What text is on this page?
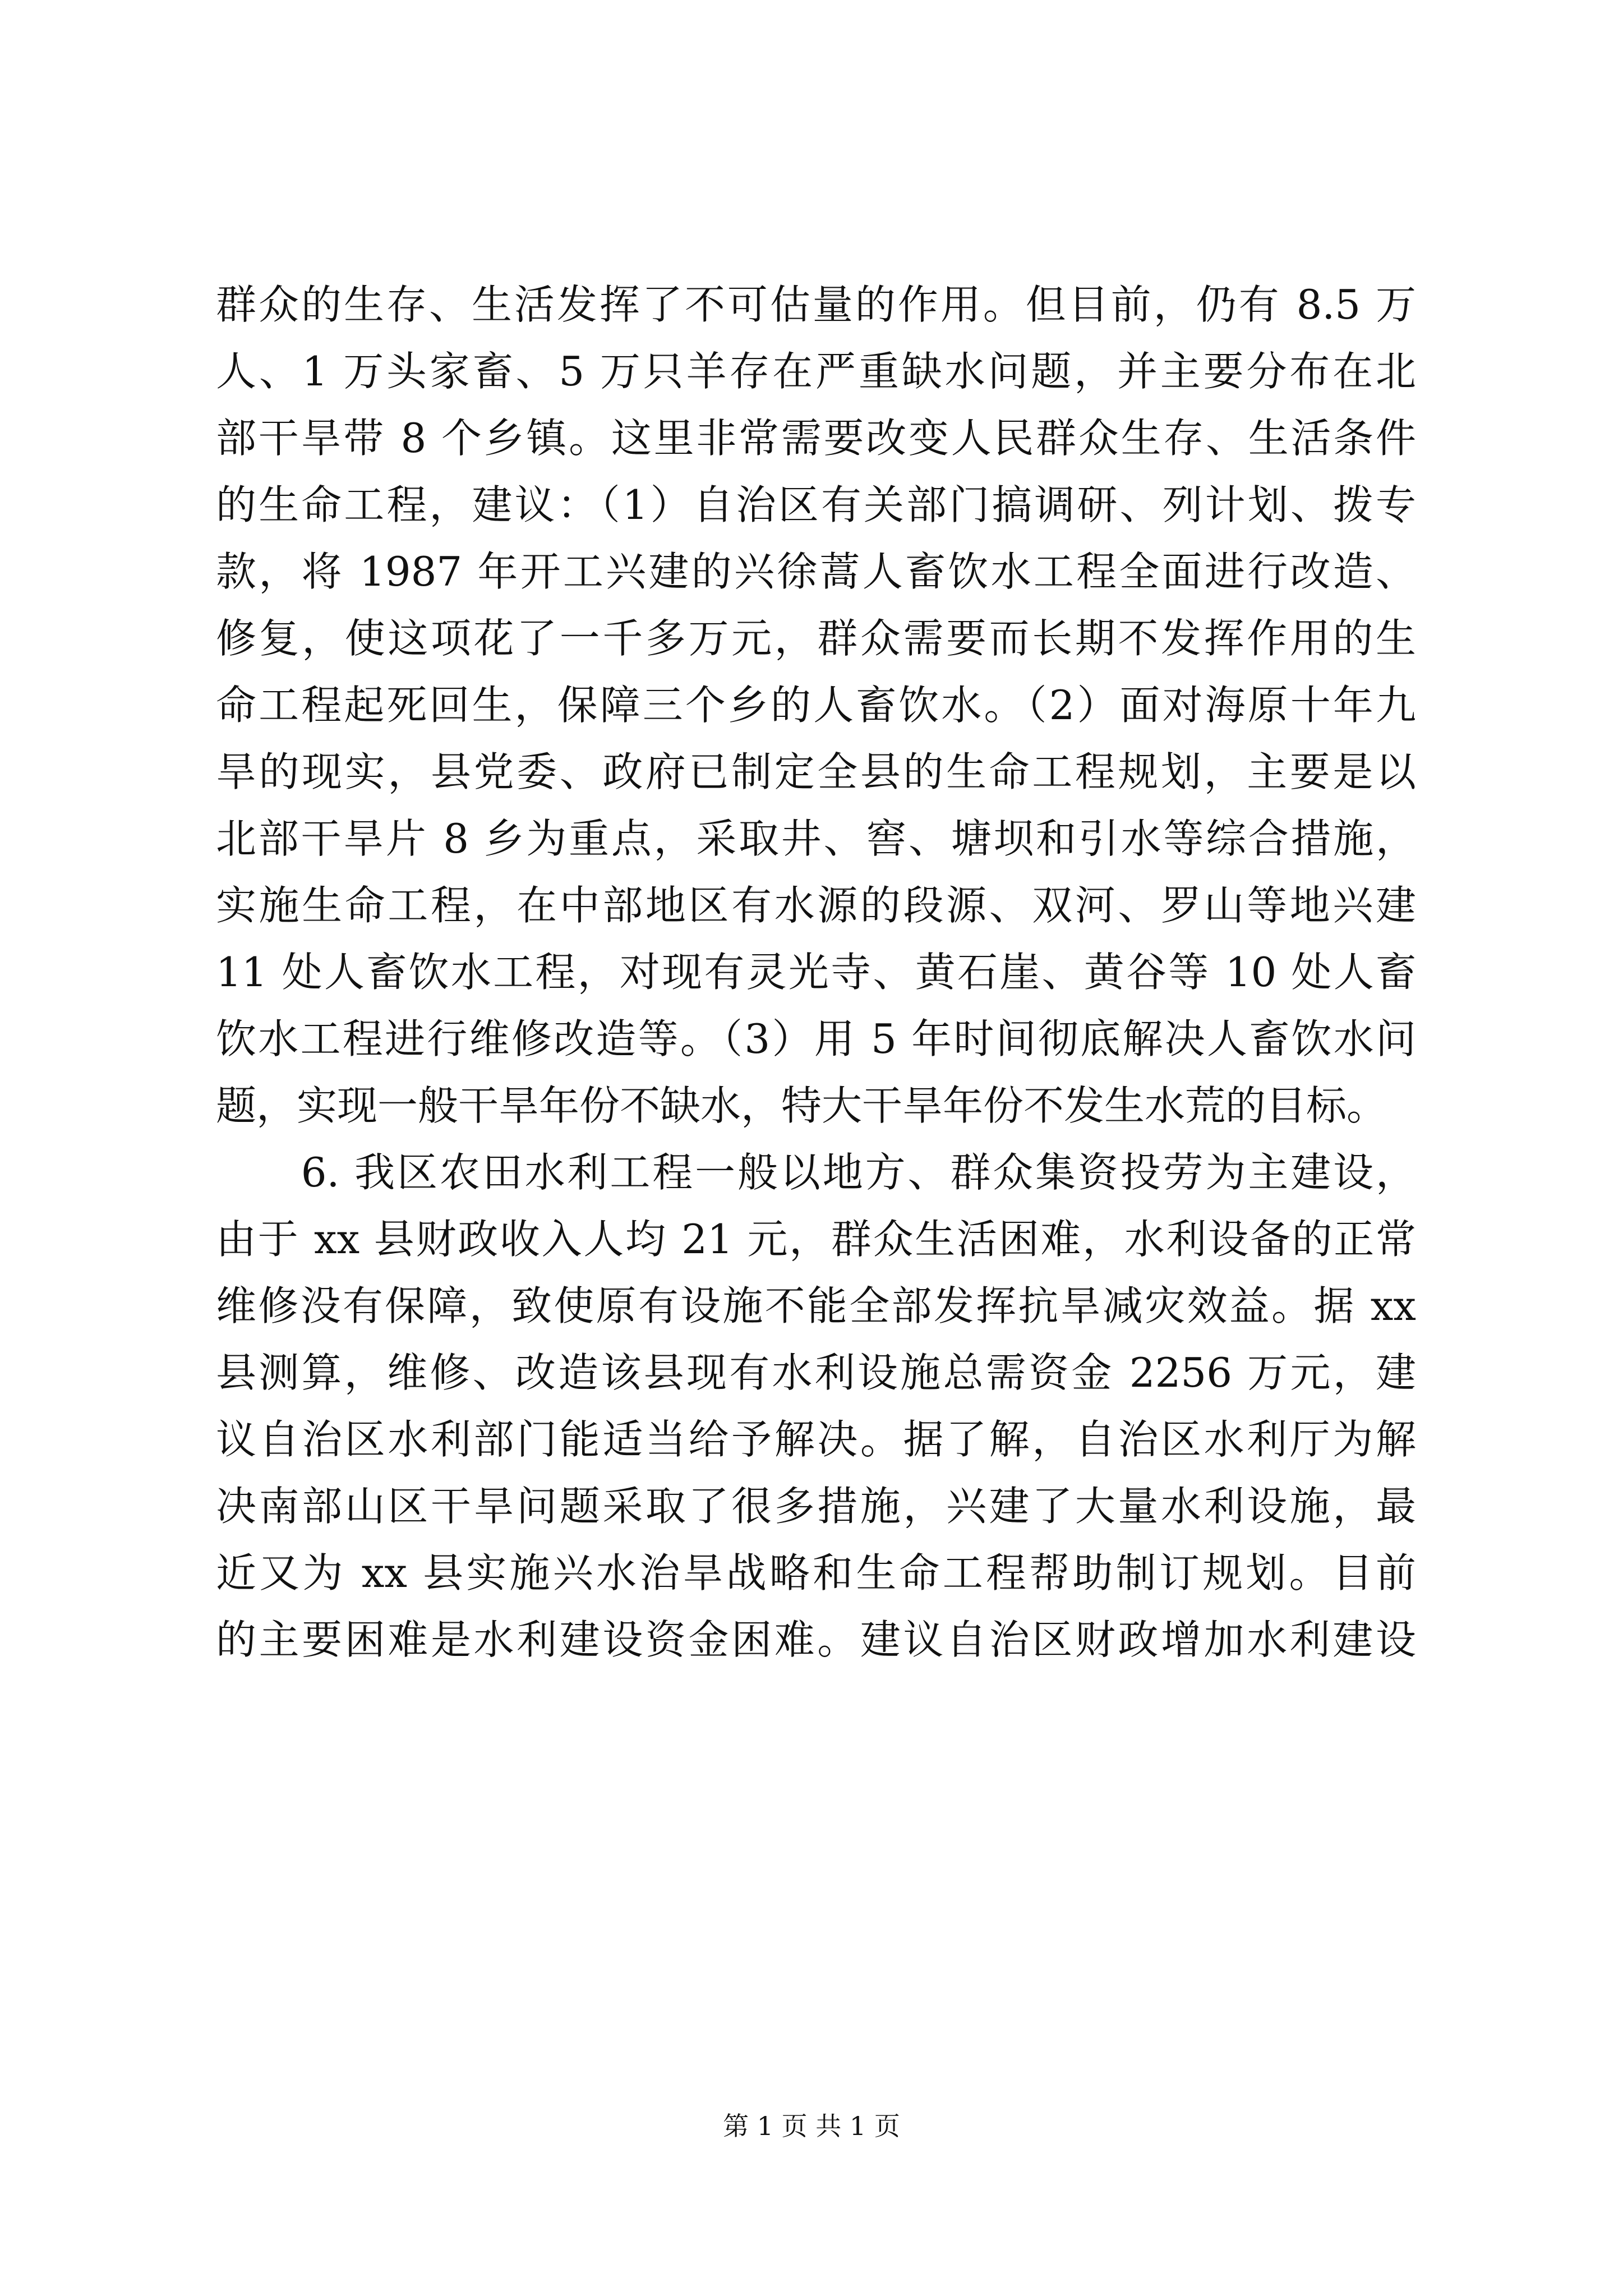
群众的生存、生活发挥了不可估量的作用。但目前，仍有 8.5 万
人、1 万头家畜、5 万只羊存在严重缺水问题，并主要分布在北
部干旱带 8 个乡镇。这里非常需要改变人民群众生存、生活条件
的生命工程，建议：（1）自治区有关部门搞调研、列计划、拨专
款，将 1987 年开工兴建的兴徐蒿人畜饮水工程全面进行改造、
修复，使这项花了一千多万元，群众需要而长期不发挥作用的生
命工程起死回生，保障三个乡的人畜饮水。（2）面对海原十年九
旱的现实，县党委、政府已制定全县的生命工程规划，主要是以
北部干旱片 8 乡为重点，采取井、窖、塘坝和引水等综合措施，
实施生命工程，在中部地区有水源的段源、双河、罗山等地兴建
11 处人畜饮水工程，对现有灵光寺、黄石崖、黄谷等 10 处人畜
饮水工程进行维修改造等。（3）用 5 年时间彻底解决人畜饮水问
题，实现一般干旱年份不缺水，特大干旱年份不发生水荒的目标。
　　6. 我区农田水利工程一般以地方、群众集资投劳为主建设，
由于 xx 县财政收入人均 21 元，群众生活困难，水利设备的正常
维修没有保障，致使原有设施不能全部发挥抗旱减灾效益。据 xx
县测算，维修、改造该县现有水利设施总需资金 2256 万元，建
议自治区水利部门能适当给予解决。据了解，自治区水利厅为解
决南部山区干旱问题采取了很多措施，兴建了大量水利设施，最
近又为 xx 县实施兴水治旱战略和生命工程帮助制订规划。目前
的主要困难是水利建设资金困难。建议自治区财政增加水利建设
第 1 页 共 1 页
